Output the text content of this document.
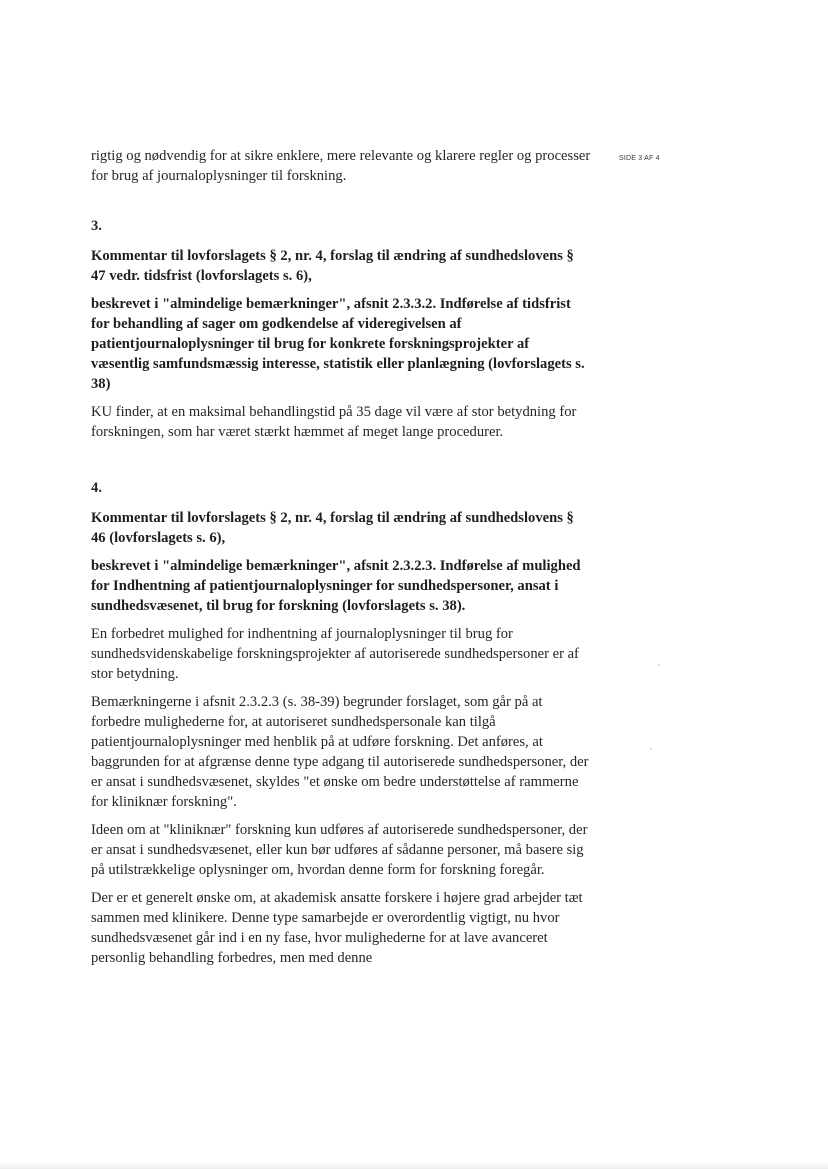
SIDE 3 AF 4

rigtig og nødvendig for at sikre enklere, mere relevante og klarere regler og processer for brug af journaloplysninger til forskning.

3.

Kommentar til lovforslagets § 2, nr. 4, forslag til ændring af sundhedslovens § 47 vedr. tidsfrist (lovforslagets s. 6),

beskrevet i "almindelige bemærkninger", afsnit 2.3.3.2. Indførelse af tidsfrist for behandling af sager om godkendelse af videregivelsen af patientjournaloplysninger til brug for konkrete forskningsprojekter af væsentlig samfundsmæssig interesse, statistik eller planlægning (lovforslagets s. 38)

KU finder, at en maksimal behandlingstid på 35 dage vil være af stor betydning for forskningen, som har været stærkt hæmmet af meget lange procedurer.

4.

Kommentar til lovforslagets § 2, nr. 4, forslag til ændring af sundhedslovens § 46 (lovforslagets s. 6),

beskrevet i "almindelige bemærkninger", afsnit 2.3.2.3. Indførelse af mulighed for Indhentning af patientjournaloplysninger for sundhedspersoner, ansat i sundhedsvæsenet, til brug for forskning (lovforslagets s. 38).

En forbedret mulighed for indhentning af journaloplysninger til brug for sundhedsvidenskabelige forskningsprojekter af autoriserede sundhedspersoner er af stor betydning.

Bemærkningerne i afsnit 2.3.2.3 (s. 38-39) begrunder forslaget, som går på at forbedre mulighederne for, at autoriseret sundhedspersonale kan tilgå patientjournaloplysninger med henblik på at udføre forskning. Det anføres, at baggrunden for at afgrænse denne type adgang til autoriserede sundhedspersoner, der er ansat i sundhedsvæsenet, skyldes "et ønske om bedre understøttelse af rammerne for kliniknær forskning".

Ideen om at "kliniknær" forskning kun udføres af autoriserede sundhedspersoner, der er ansat i sundhedsvæsenet, eller kun bør udføres af sådanne personer, må basere sig på utilstrækkelige oplysninger om, hvordan denne form for forskning foregår.

Der er et generelt ønske om, at akademisk ansatte forskere i højere grad arbejder tæt sammen med klinikere. Denne type samarbejde er overordentlig vigtigt, nu hvor sundhedsvæsenet går ind i en ny fase, hvor mulighederne for at lave avanceret personlig behandling forbedres, men med denne
